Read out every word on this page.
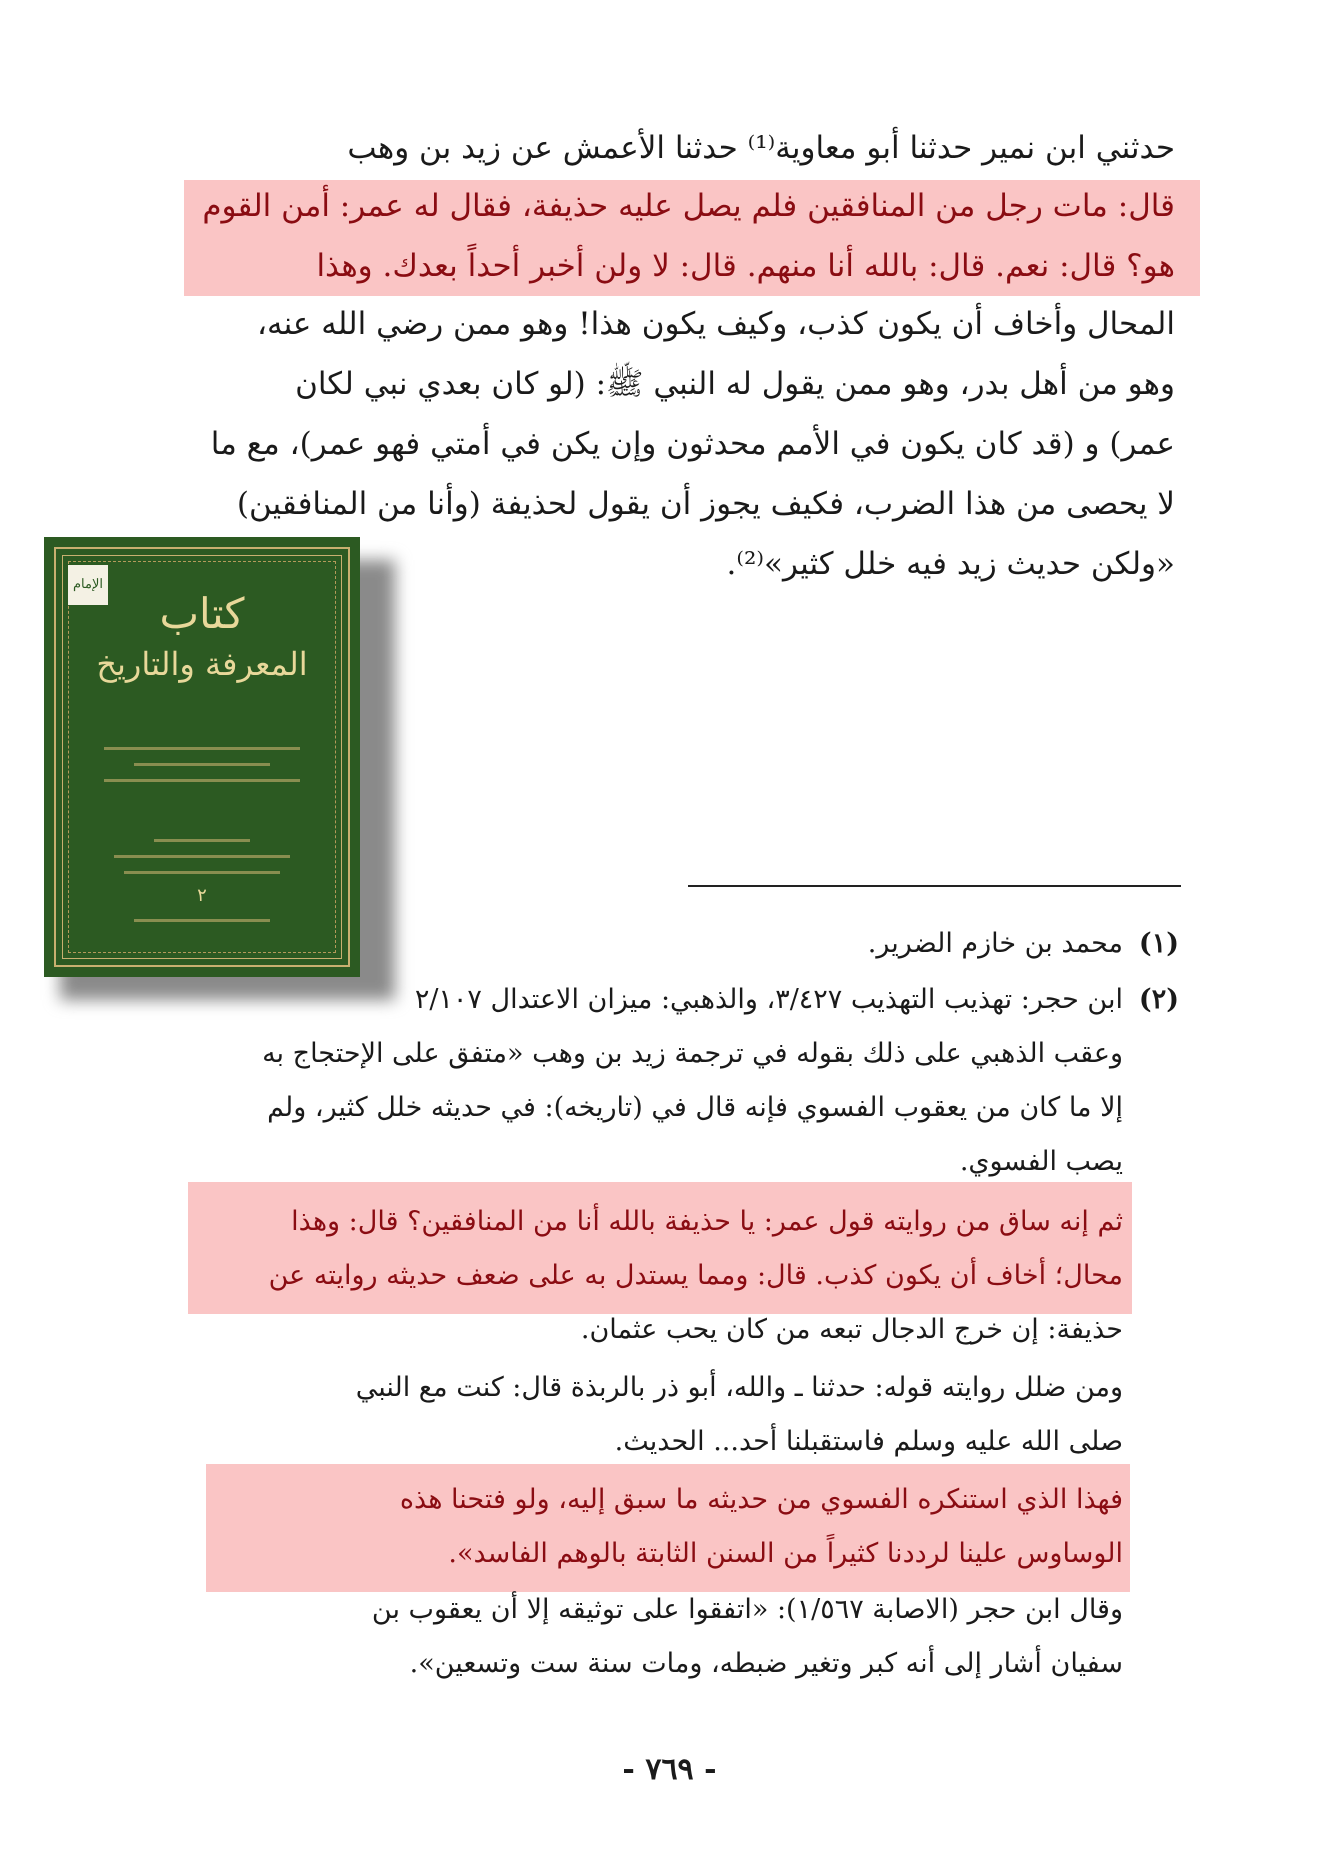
حدثني ابن نمير حدثنا أبو معاوية⁽¹⁾ حدثنا الأعمش عن زيد بن وهب
قال: مات رجل من المنافقين فلم يصل عليه حذيفة، فقال له عمر: أمن القوم
هو؟ قال: نعم. قال: بالله أنا منهم. قال: لا ولن أخبر أحداً بعدك. وهذا
المحال وأخاف أن يكون كذب، وكيف يكون هذا! وهو ممن رضي الله عنه،
وهو من أهل بدر، وهو ممن يقول له النبي ﷺ: (لو كان بعدي نبي لكان
عمر) و (قد كان يكون في الأمم محدثون وإن يكن في أمتي فهو عمر)، مع ما
لا يحصى من هذا الضرب، فكيف يجوز أن يقول لحذيفة (وأنا من المنافقين)
«ولكن حديث زيد فيه خلل كثير»⁽²⁾.
(١)محمد بن خازم الضرير.
(٢)ابن حجر: تهذيب التهذيب ٣/٤٢٧، والذهبي: ميزان الاعتدال ٢/١٠٧
وعقب الذهبي على ذلك بقوله في ترجمة زيد بن وهب «متفق على الإحتجاج به
إلا ما كان من يعقوب الفسوي فإنه قال في (تاريخه): في حديثه خلل كثير، ولم
يصب الفسوي.
ثم إنه ساق من روايته قول عمر: يا حذيفة بالله أنا من المنافقين؟ قال: وهذا
محال؛ أخاف أن يكون كذب. قال: ومما يستدل به على ضعف حديثه روايته عن
حذيفة: إن خرج الدجال تبعه من كان يحب عثمان.
ومن ضلل روايته قوله: حدثنا ـ والله، أبو ذر بالربذة قال: كنت مع النبي
صلى الله عليه وسلم فاستقبلنا أحد... الحديث.
فهذا الذي استنكره الفسوي من حديثه ما سبق إليه، ولو فتحنا هذه
الوساوس علينا لرددنا كثيراً من السنن الثابتة بالوهم الفاسد».
وقال ابن حجر (الاصابة ١/٥٦٧): «اتفقوا على توثيقه إلا أن يعقوب بن
سفيان أشار إلى أنه كبر وتغير ضبطه، ومات سنة ست وتسعين».
- ٧٦٩ -
الإمام
كتاب
المعرفة والتاريخ
٢
